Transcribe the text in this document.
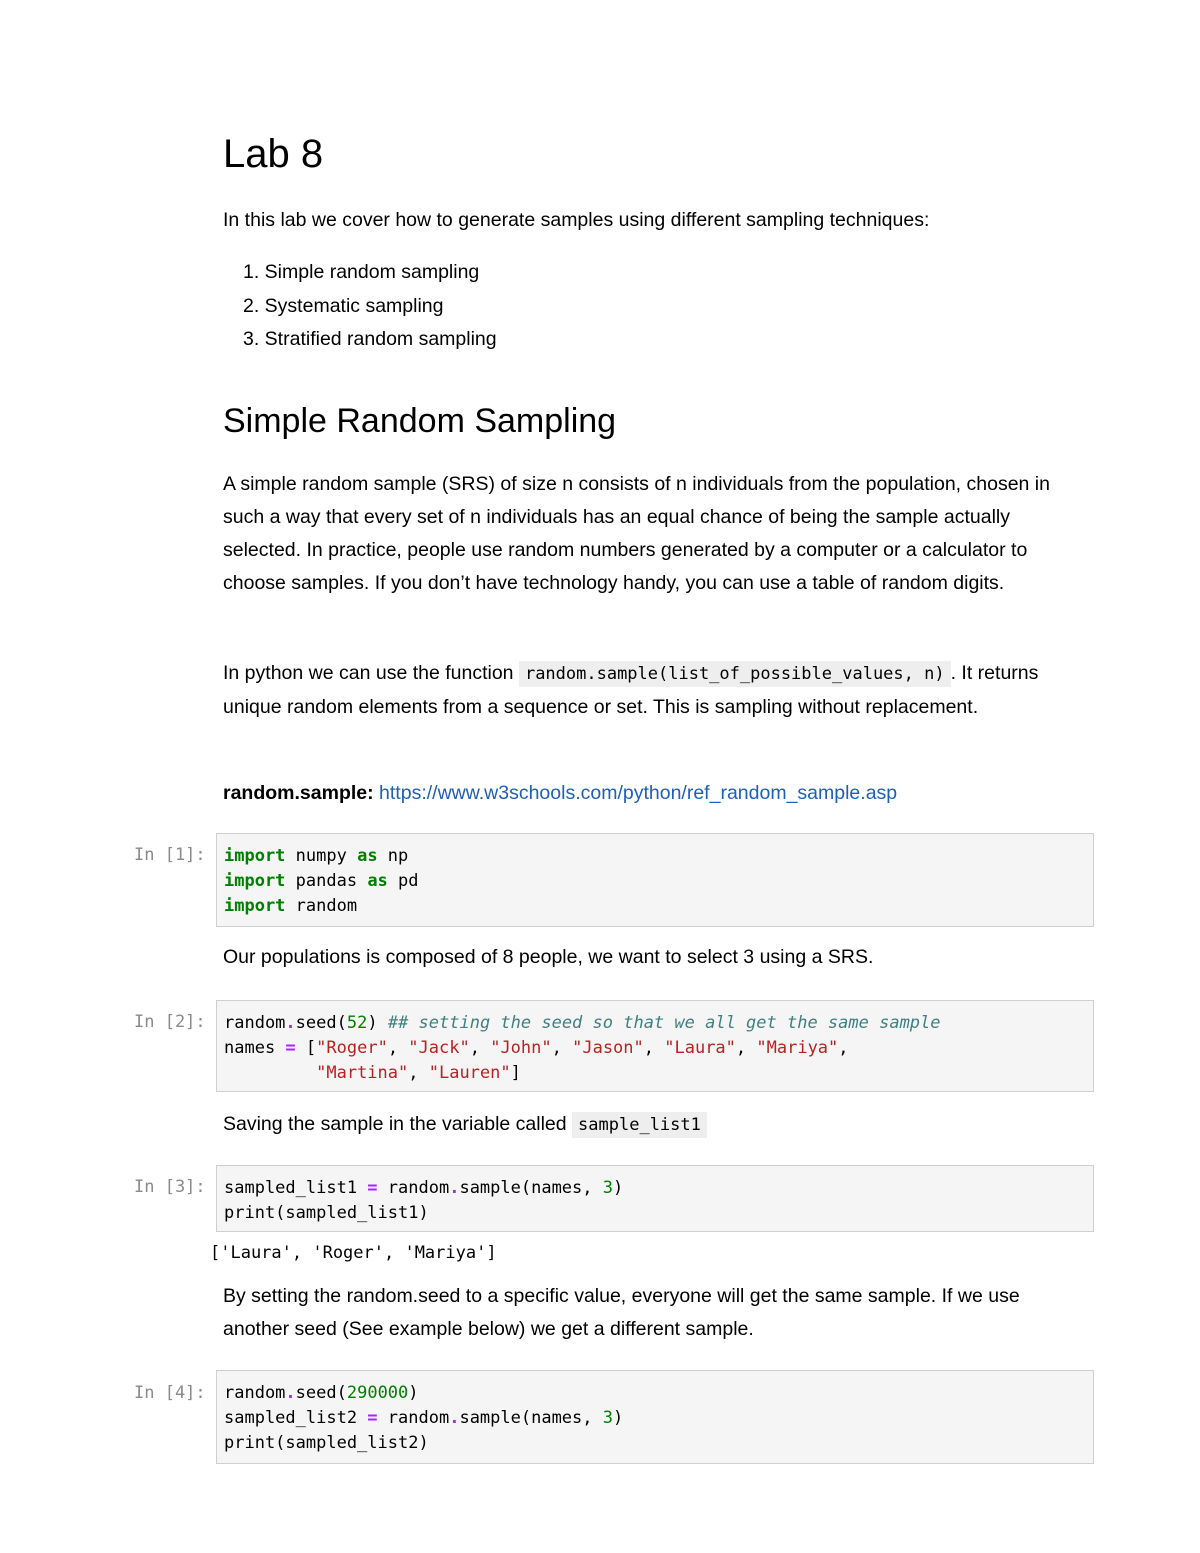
Lab 8

In this lab we cover how to generate samples using different sampling techniques:

1. Simple random sampling
2. Systematic sampling
3. Stratified random sampling
Simple Random Sampling

A simple random sample (SRS) of size n consists of n individuals from the population, chosen in such a way that every set of n individuals has an equal chance of being the sample actually selected. In practice, people use random numbers generated by a computer or a calculator to choose samples. If you don’t have technology handy, you can use a table of random digits.

In python we can use the function random.sample(list_of_possible_values, n) . It returns unique random elements from a sequence or set. This is sampling without replacement.

random.sample: https://www.w3schools.com/python/ref_random_sample.asp

In [1]:	import numpy as np
import pandas as pd
import random

Our populations is composed of 8 people, we want to select 3 using a SRS.

In [2]:	random.seed(52) ## setting the seed so that we all get the same sample
names = ["Roger", "Jack", "John", "Jason", "Laura", "Mariya",
"Martina", "Lauren"]

Saving the sample in the variable called sample_list1

In [3]:	sampled_list1 = random.sample(names, 3)
print(sampled_list1)
['Laura', 'Roger', 'Mariya']

By setting the random.seed to a specific value, everyone will get the same sample. If we use another seed (See example below) we get a different sample.

In [4]:	random.seed(290000)
sampled_list2 = random.sample(names, 3)
print(sampled_list2)
